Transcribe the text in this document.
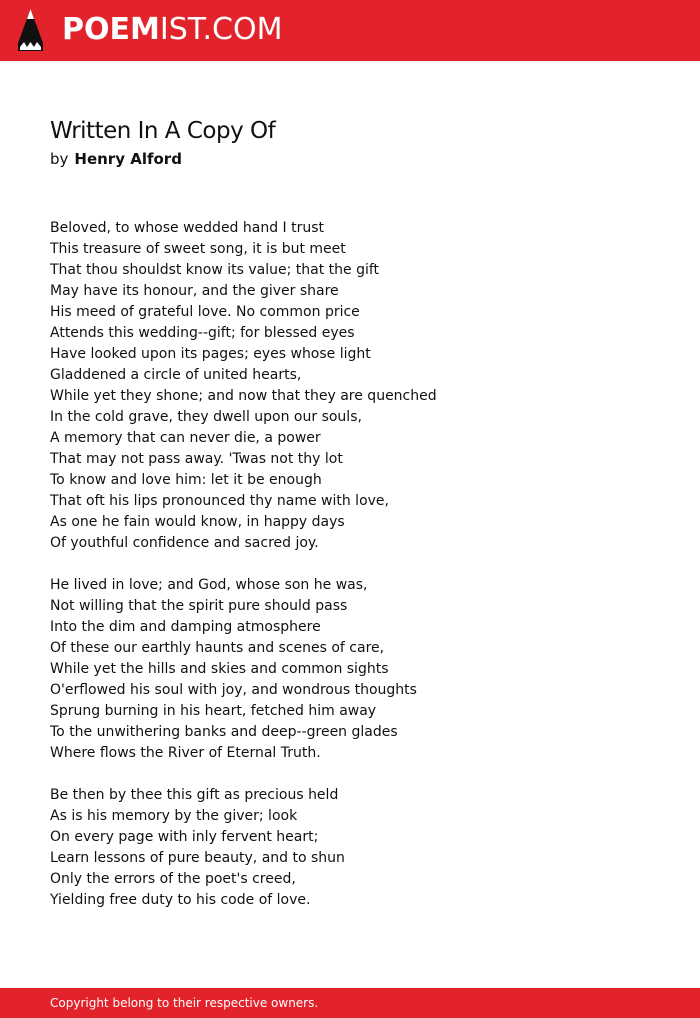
POEMIST.COM
Written In A Copy Of
by Henry Alford
Beloved, to whose wedded hand I trust
This treasure of sweet song, it is but meet
That thou shouldst know its value; that the gift
May have its honour, and the giver share
His meed of grateful love. No common price
Attends this wedding--gift; for blessed eyes
Have looked upon its pages; eyes whose light
Gladdened a circle of united hearts,
While yet they shone; and now that they are quenched
In the cold grave, they dwell upon our souls,
A memory that can never die, a power
That may not pass away. 'Twas not thy lot
To know and love him: let it be enough
That oft his lips pronounced thy name with love,
As one he fain would know, in happy days
Of youthful confidence and sacred joy.
He lived in love; and God, whose son he was,
Not willing that the spirit pure should pass
Into the dim and damping atmosphere
Of these our earthly haunts and scenes of care,
While yet the hills and skies and common sights
O'erflowed his soul with joy, and wondrous thoughts
Sprung burning in his heart, fetched him away
To the unwithering banks and deep--green glades
Where flows the River of Eternal Truth.
Be then by thee this gift as precious held
As is his memory by the giver; look
On every page with inly fervent heart;
Learn lessons of pure beauty, and to shun
Only the errors of the poet's creed,
Yielding free duty to his code of love.
Copyright belong to their respective owners.
